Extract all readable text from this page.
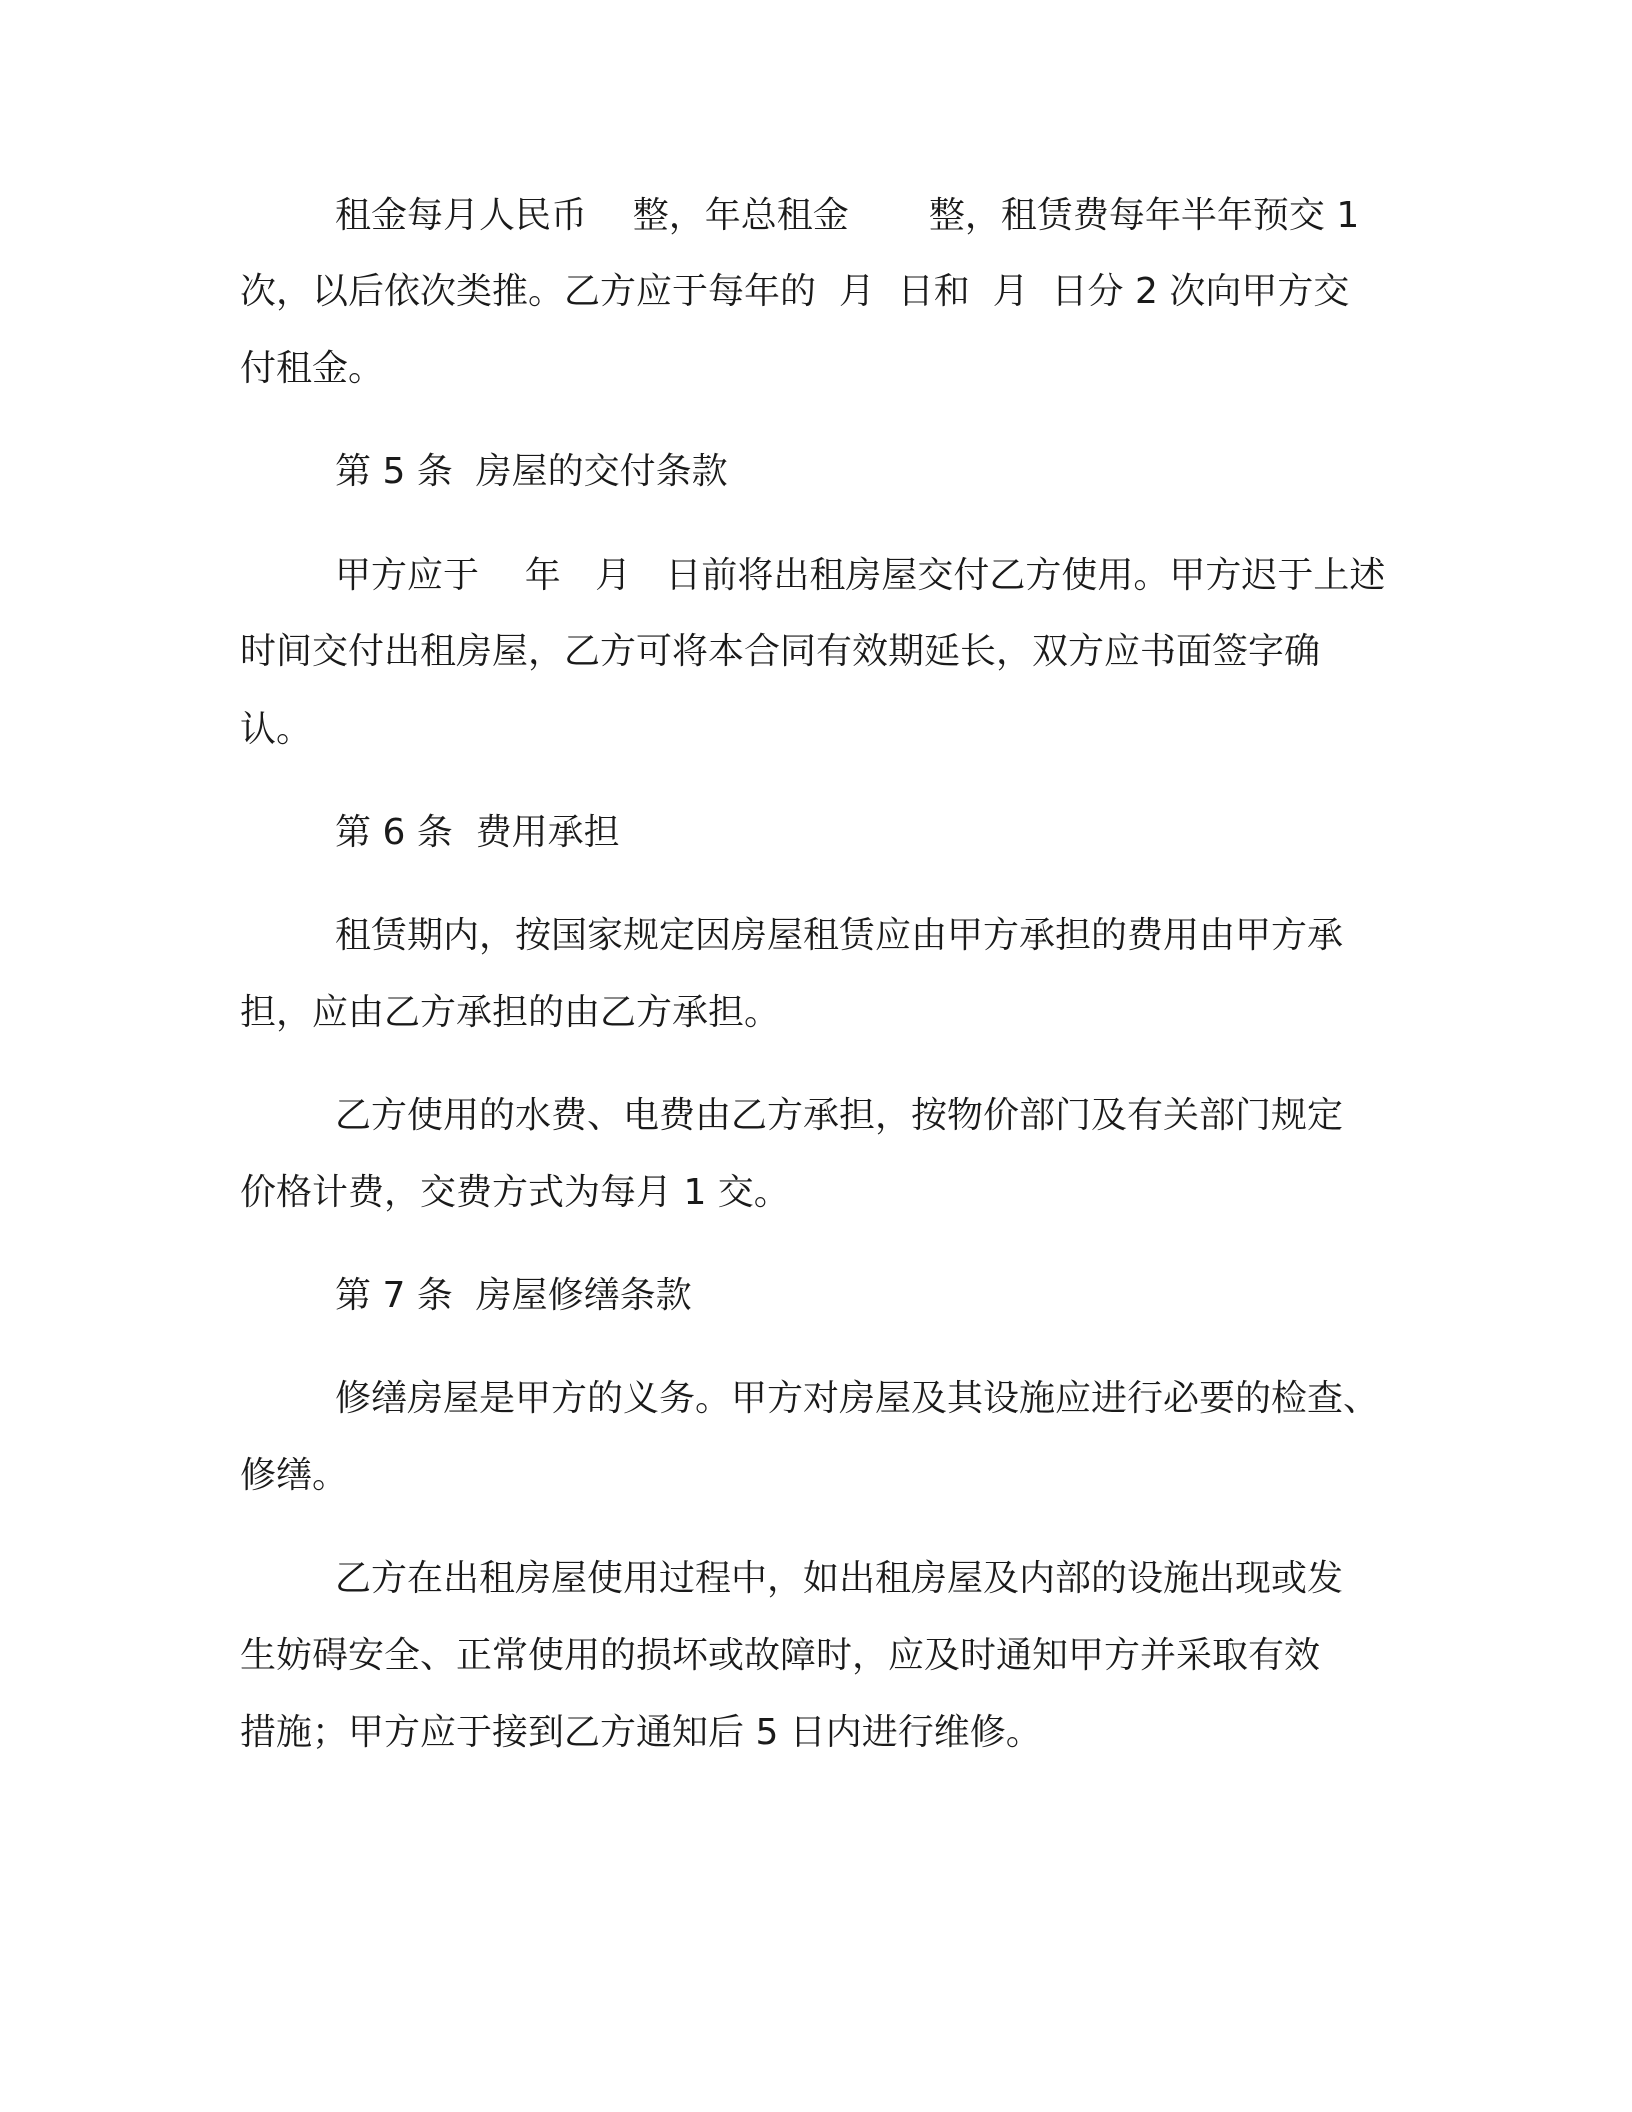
租金每月人民币    整，年总租金       整，租赁费每年半年预交 1

次，以后依次类推。乙方应于每年的  月  日和  月  日分 2 次向甲方交

付租金。

第 5 条  房屋的交付条款

甲方应于    年   月   日前将出租房屋交付乙方使用。甲方迟于上述

时间交付出租房屋，乙方可将本合同有效期延长，双方应书面签字确

认。

第 6 条  费用承担

租赁期内，按国家规定因房屋租赁应由甲方承担的费用由甲方承

担，应由乙方承担的由乙方承担。

乙方使用的水费、电费由乙方承担，按物价部门及有关部门规定

价格计费，交费方式为每月 1 交。

第 7 条  房屋修缮条款

修缮房屋是甲方的义务。甲方对房屋及其设施应进行必要的检查、

修缮。

乙方在出租房屋使用过程中，如出租房屋及内部的设施出现或发

生妨碍安全、正常使用的损坏或故障时，应及时通知甲方并采取有效

措施；甲方应于接到乙方通知后 5 日内进行维修。
